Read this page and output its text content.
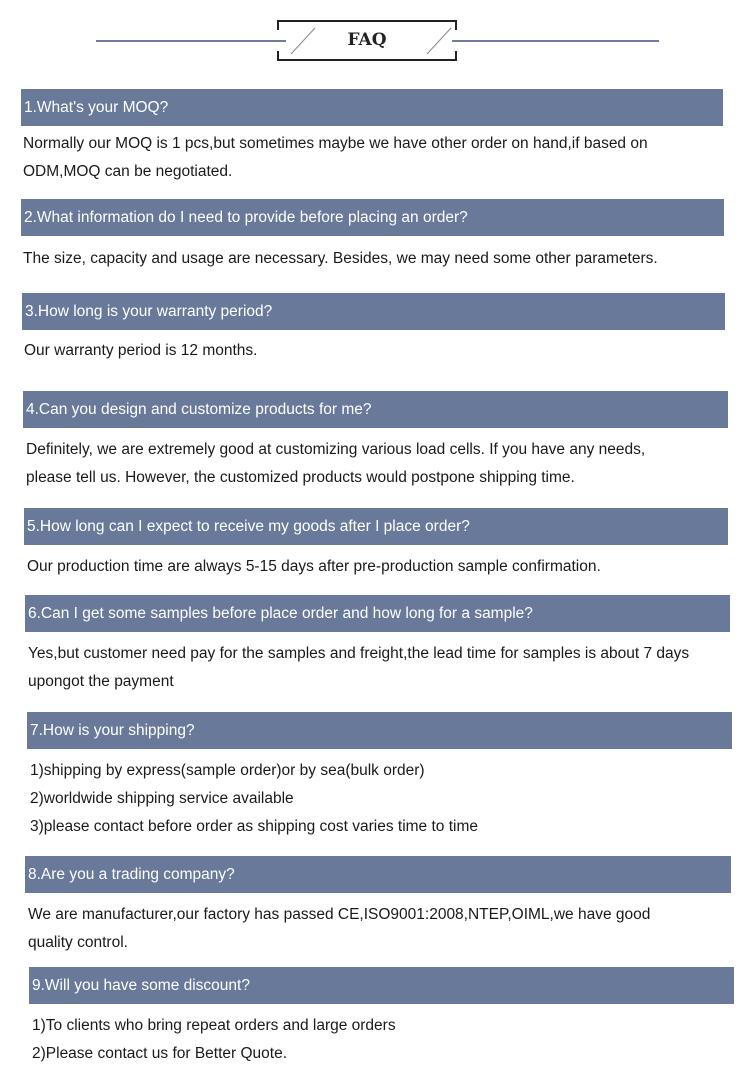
FAQ
1.What's your MOQ?
Normally our MOQ is 1 pcs,but sometimes maybe we have other order on hand,if based on
ODM,MOQ can be negotiated.
2.What information do I need to provide before placing an order?
The size, capacity and usage are necessary. Besides, we may need some other parameters.
3.How long is your warranty period?
Our warranty period is 12 months.
4.Can you design and customize products for me?
Definitely, we are extremely good at customizing various load cells. If you have any needs,
please tell us. However, the customized products would postpone shipping time.
5.How long can I expect to receive my goods after I place order?
Our production time are always 5-15 days after pre-production sample confirmation.
6.Can I get some samples before place order and how long for a sample?
Yes,but customer need pay for the samples and freight,the lead time for samples is about 7 days
upongot the payment
7.How is your shipping?
1)shipping by express(sample order)or by sea(bulk order)
2)worldwide shipping service available
3)please contact before order as shipping cost varies time to time
8.Are you a trading company?
We are manufacturer,our factory has passed CE,ISO9001:2008,NTEP,OIML,we have good
quality control.
9.Will you have some discount?
1)To clients who bring repeat orders and large orders
2)Please contact us for Better Quote.
